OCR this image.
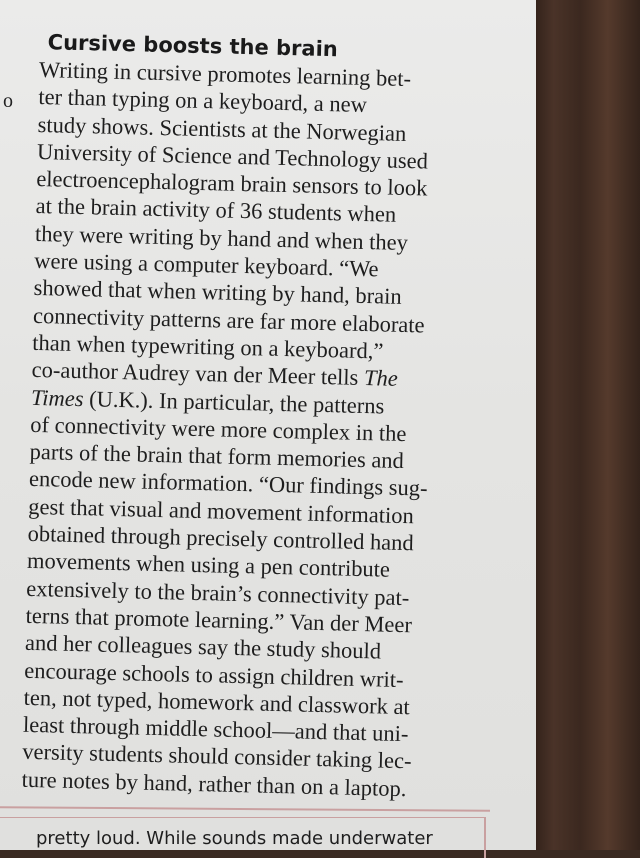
o
Cursive boosts the brain
Writing in cursive promotes learning bet-
ter than typing on a keyboard, a new
study shows. Scientists at the Norwegian
University of Science and Technology used
electroencephalogram brain sensors to look
at the brain activity of 36 students when
they were writing by hand and when they
were using a computer keyboard. “We
showed that when writing by hand, brain
connectivity patterns are far more elaborate
than when typewriting on a keyboard,”
co-author Audrey van der Meer tells The
Times (U.K.). In particular, the patterns
of connectivity were more complex in the
parts of the brain that form memories and
encode new information. “Our findings sug-
gest that visual and movement information
obtained through precisely controlled hand
movements when using a pen contribute
extensively to the brain’s connectivity pat-
terns that promote learning.” Van der Meer
and her colleagues say the study should
encourage schools to assign children writ-
ten, not typed, homework and classwork at
least through middle school—and that uni-
versity students should consider taking lec-
ture notes by hand, rather than on a laptop.
pretty loud. While sounds made underwater
